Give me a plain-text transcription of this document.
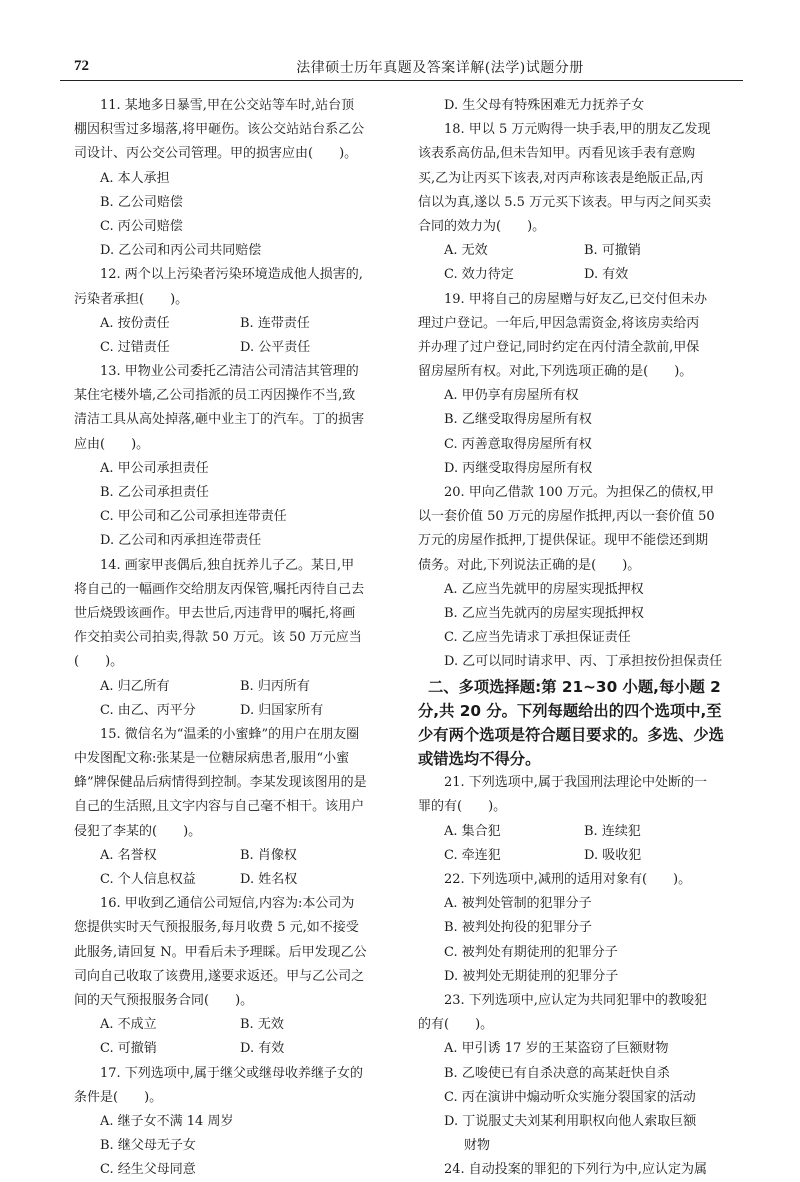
72	法律硕士历年真题及答案详解(法学)试题分册
11. 某地多日暴雪,甲在公交站等车时,站台顶
棚因积雪过多塌落,将甲砸伤。该公交站站台系乙公
司设计、丙公交公司管理。甲的损害应由(　　)。
A. 本人承担
B. 乙公司赔偿
C. 丙公司赔偿
D. 乙公司和丙公司共同赔偿
12. 两个以上污染者污染环境造成他人损害的,
污染者承担(　　)。
A. 按份责任	B. 连带责任
C. 过错责任	D. 公平责任
13. 甲物业公司委托乙清洁公司清洁其管理的
某住宅楼外墙,乙公司指派的员工丙因操作不当,致
清洁工具从高处掉落,砸中业主丁的汽车。丁的损害
应由(　　)。
A. 甲公司承担责任
B. 乙公司承担责任
C. 甲公司和乙公司承担连带责任
D. 乙公司和丙承担连带责任
14. 画家甲丧偶后,独自抚养儿子乙。某日,甲
将自己的一幅画作交给朋友丙保管,嘱托丙待自己去
世后烧毁该画作。甲去世后,丙违背甲的嘱托,将画
作交拍卖公司拍卖,得款 50 万元。该 50 万元应当
(　　)。
A. 归乙所有	B. 归丙所有
C. 由乙、丙平分	D. 归国家所有
15. 微信名为“温柔的小蜜蜂”的用户在朋友圈
中发图配文称:张某是一位糖尿病患者,服用“小蜜
蜂”牌保健品后病情得到控制。李某发现该图用的是
自己的生活照,且文字内容与自己毫不相干。该用户
侵犯了李某的(　　)。
A. 名誉权	B. 肖像权
C. 个人信息权益	D. 姓名权
16. 甲收到乙通信公司短信,内容为:本公司为
您提供实时天气预报服务,每月收费 5 元,如不接受
此服务,请回复 N。甲看后未予理睬。后甲发现乙公
司向自己收取了该费用,遂要求返还。甲与乙公司之
间的天气预报服务合同(　　)。
A. 不成立	B. 无效
C. 可撤销	D. 有效
17. 下列选项中,属于继父或继母收养继子女的
条件是(　　)。
A. 继子女不满 14 周岁
B. 继父母无子女
C. 经生父母同意
D. 生父母有特殊困难无力抚养子女
18. 甲以 5 万元购得一块手表,甲的朋友乙发现
该表系高仿品,但未告知甲。丙看见该手表有意购
买,乙为让丙买下该表,对丙声称该表是绝版正品,丙
信以为真,遂以 5.5 万元买下该表。甲与丙之间买卖
合同的效力为(　　)。
A. 无效	B. 可撤销
C. 效力待定	D. 有效
19. 甲将自己的房屋赠与好友乙,已交付但未办
理过户登记。一年后,甲因急需资金,将该房卖给丙
并办理了过户登记,同时约定在丙付清全款前,甲保
留房屋所有权。对此,下列选项正确的是(　　)。
A. 甲仍享有房屋所有权
B. 乙继受取得房屋所有权
C. 丙善意取得房屋所有权
D. 丙继受取得房屋所有权
20. 甲向乙借款 100 万元。为担保乙的债权,甲
以一套价值 50 万元的房屋作抵押,丙以一套价值 50
万元的房屋作抵押,丁提供保证。现甲不能偿还到期
债务。对此,下列说法正确的是(　　)。
A. 乙应当先就甲的房屋实现抵押权
B. 乙应当先就丙的房屋实现抵押权
C. 乙应当先请求丁承担保证责任
D. 乙可以同时请求甲、丙、丁承担按份担保责任
二、多项选择题:第 21~30 小题,每小题 2
分,共 20 分。下列每题给出的四个选项中,至
少有两个选项是符合题目要求的。多选、少选
或错选均不得分。
21. 下列选项中,属于我国刑法理论中处断的一
罪的有(　　)。
A. 集合犯	B. 连续犯
C. 牵连犯	D. 吸收犯
22. 下列选项中,减刑的适用对象有(　　)。
A. 被判处管制的犯罪分子
B. 被判处拘役的犯罪分子
C. 被判处有期徒刑的犯罪分子
D. 被判处无期徒刑的犯罪分子
23. 下列选项中,应认定为共同犯罪中的教唆犯
的有(　　)。
A. 甲引诱 17 岁的王某盗窃了巨额财物
B. 乙唆使已有自杀决意的高某赶快自杀
C. 丙在演讲中煽动听众实施分裂国家的活动
D. 丁说服丈夫刘某利用职权向他人索取巨额
财物
24. 自动投案的罪犯的下列行为中,应认定为属
